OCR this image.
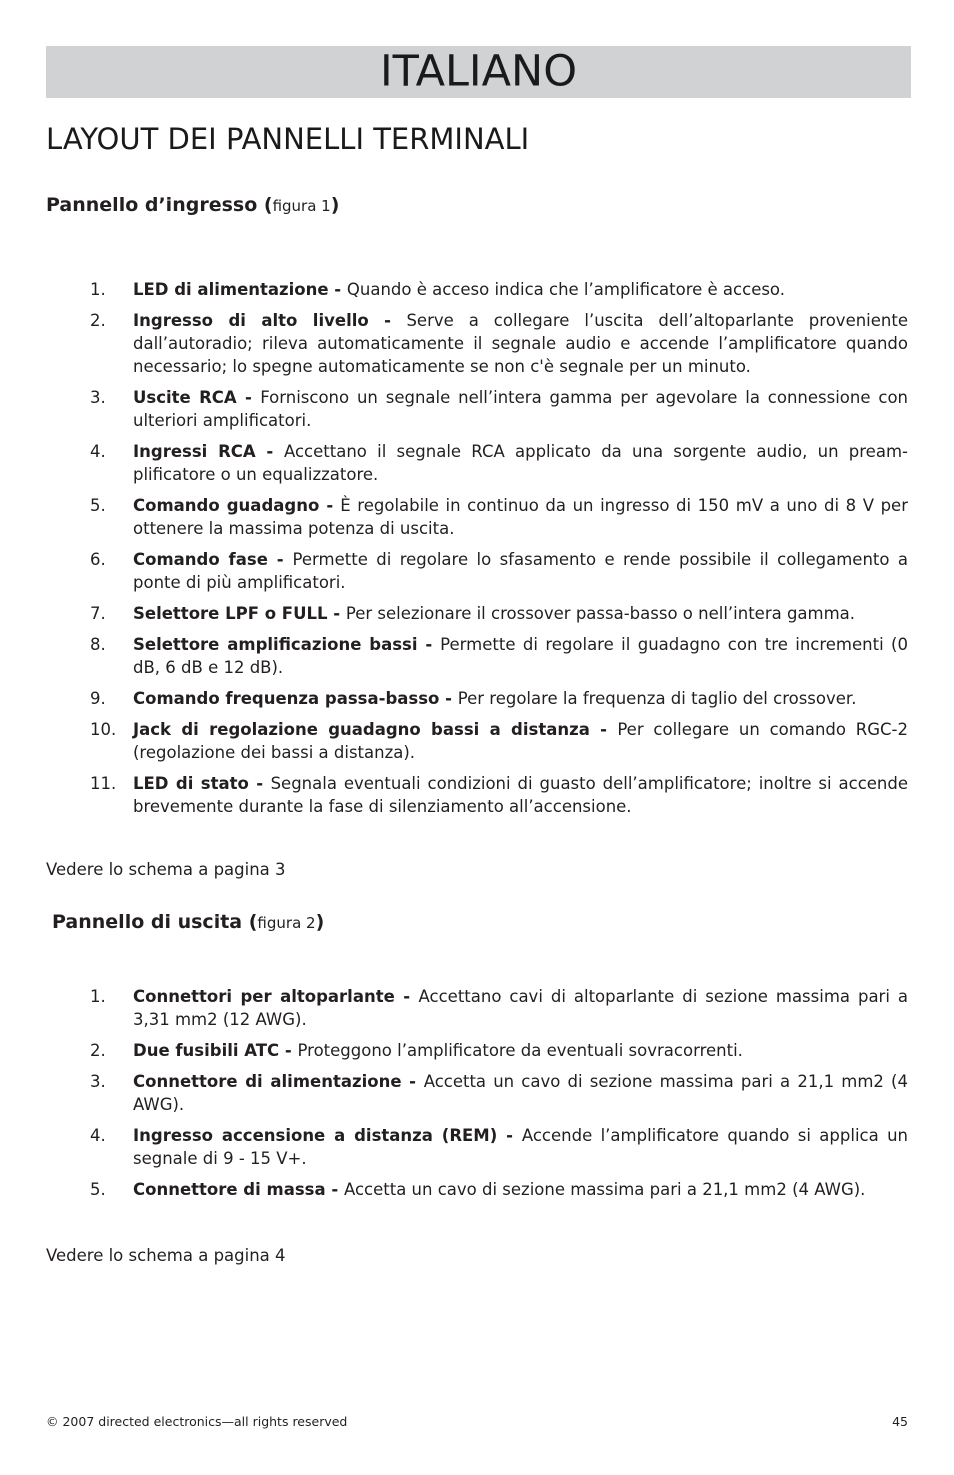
ITALIANO
LAYOUT DEI PANNELLI TERMINALI
Pannello d’ingresso (figura 1)
1. LED di alimentazione - Quando è acceso indica che l’amplificatore è acceso.
2. Ingresso di alto livello - Serve a collegare l’uscita dell’altoparlante proveniente dall’autoradio; rileva automaticamente il segnale audio e accende l’amplificatore quando necessario; lo spegne automaticamente se non c'è segnale per un minuto.
3. Uscite RCA - Forniscono un segnale nell’intera gamma per agevolare la connessione con ulteriori amplificatori.
4. Ingressi RCA - Accettano il segnale RCA applicato da una sorgente audio, un preamplificatore o un equalizzatore.
5. Comando guadagno - È regolabile in continuo da un ingresso di 150 mV a uno di 8 V per ottenere la massima potenza di uscita.
6. Comando fase - Permette di regolare lo sfasamento e rende possibile il collegamento a ponte di più amplificatori.
7. Selettore LPF o FULL - Per selezionare il crossover passa-basso o nell’intera gamma.
8. Selettore amplificazione bassi - Permette di regolare il guadagno con tre incrementi (0 dB, 6 dB e 12 dB).
9. Comando frequenza passa-basso - Per regolare la frequenza di taglio del crossover.
10. Jack di regolazione guadagno bassi a distanza - Per collegare un comando RGC-2 (regolazione dei bassi a distanza).
11. LED di stato - Segnala eventuali condizioni di guasto dell’amplificatore; inoltre si accende brevemente durante la fase di silenziamento all’accensione.

Vedere lo schema a pagina 3

Pannello di uscita (figura 2)
1. Connettori per altoparlante - Accettano cavi di altoparlante di sezione massima pari a 3,31 mm2 (12 AWG).
2. Due fusibili ATC - Proteggono l’amplificatore da eventuali sovracorrenti.
3. Connettore di alimentazione - Accetta un cavo di sezione massima pari a 21,1 mm2 (4 AWG).
4. Ingresso accensione a distanza (REM) - Accende l’amplificatore quando si applica un segnale di 9 - 15 V+.
5. Connettore di massa - Accetta un cavo di sezione massima pari a 21,1 mm2 (4 AWG).

Vedere lo schema a pagina 4

© 2007 directed electronics—all rights reserved	45
